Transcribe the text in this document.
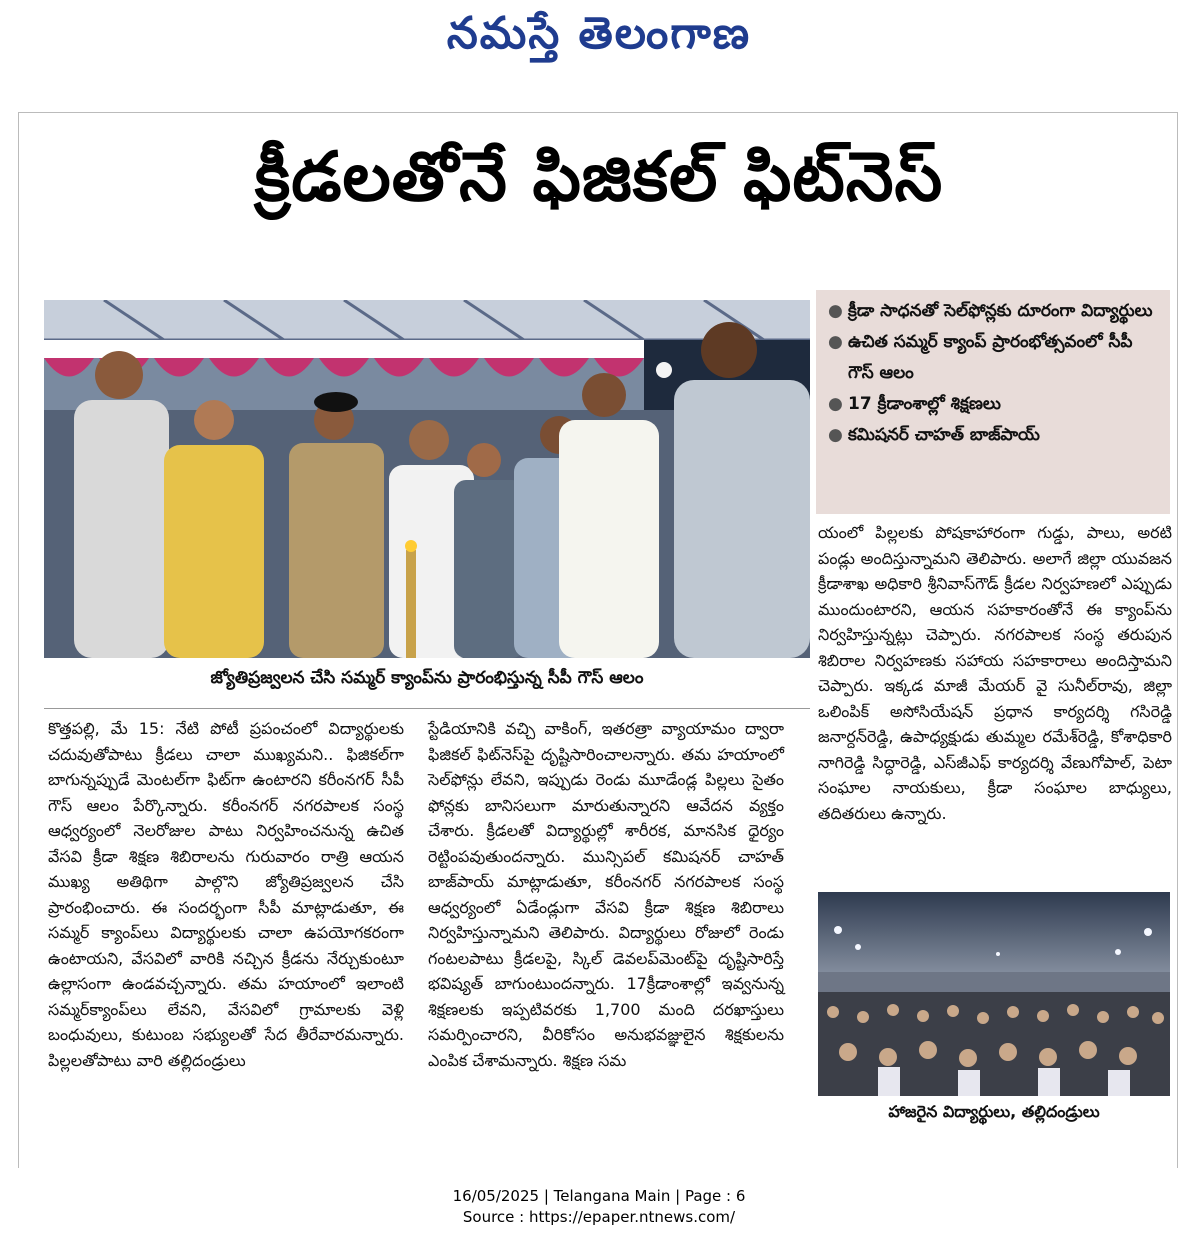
నమస్తే తెలంగాణ
క్రీడలతోనే ఫిజికల్ ఫిట్‌నెస్
జ్యోతిప్రజ్వలన చేసి సమ్మర్ క్యాంప్‌ను ప్రారంభిస్తున్న సీపీ గౌస్ ఆలం
● క్రీడా సాధనతో సెల్‌ఫోన్లకు దూరంగా విద్యార్థులు
● ఉచిత సమ్మర్ క్యాంప్ ప్రారంభోత్సవంలో సీపీ గౌస్ ఆలం
● 17 క్రీడాంశాల్లో శిక్షణలు
● కమిషనర్ చాహత్ బాజ్‌పాయ్

కొత్తపల్లి, మే 15: నేటి పోటీ ప్రపంచంలో విద్యార్థులకు చదువుతోపాటు క్రీడలు చాలా ముఖ్యమని.. ఫిజికల్‌గా బాగున్నప్పుడే మెంటల్‌గా ఫిట్‌గా ఉంటారని కరీంనగర్ సీపీ గౌస్ ఆలం పేర్కొన్నారు. కరీంనగర్ నగరపాలక సంస్థ ఆధ్వర్యంలో నెలరోజుల పాటు నిర్వహించనున్న ఉచిత వేసవి క్రీడా శిక్షణ శిబిరాలను గురువారం రాత్రి ఆయన ముఖ్య అతిథిగా పాల్గొని జ్యోతిప్రజ్వలన చేసి ప్రారంభించారు. ఈ సందర్భంగా సీపీ మాట్లాడుతూ, ఈ సమ్మర్ క్యాంప్‌లు విద్యార్థులకు చాలా ఉపయోగకరంగా ఉంటాయని, వేసవిలో వారికి నచ్చిన క్రీడను నేర్చుకుంటూ ఉల్లాసంగా ఉండవచ్చన్నారు. తమ హయాంలో ఇలాంటి సమ్మర్‌క్యాంప్‌లు లేవని, వేసవిలో గ్రామాలకు వెళ్లి బంధువులు, కుటుంబ సభ్యులతో సేద తీరేవారమన్నారు. పిల్లలతోపాటు వారి తల్లిదండ్రులు

స్టేడియానికి వచ్చి వాకింగ్, ఇతరత్రా వ్యాయామం ద్వారా ఫిజికల్ ఫిట్‌నెస్‌పై దృష్టిసారించాలన్నారు. తమ హయాంలో సెల్‌ఫోన్లు లేవని, ఇప్పుడు రెండు మూడేండ్ల పిల్లలు సైతం ఫోన్లకు బానిసలుగా మారుతున్నారని ఆవేదన వ్యక్తం చేశారు. క్రీడలతో విద్యార్థుల్లో శారీరక, మానసిక ధైర్యం రెట్టింపవుతుందన్నారు. మున్సిపల్ కమిషనర్ చాహత్ బాజ్‌పాయ్ మాట్లాడుతూ, కరీంనగర్ నగరపాలక సంస్థ ఆధ్వర్యంలో ఏడేండ్లుగా వేసవి క్రీడా శిక్షణ శిబిరాలు నిర్వహిస్తున్నామని తెలిపారు. విద్యార్థులు రోజులో రెండు గంటలపాటు క్రీడలపై, స్కిల్ డెవలప్‌మెంట్‌పై దృష్టిసారిస్తే భవిష్యత్ బాగుంటుందన్నారు. 17క్రీడాంశాల్లో ఇవ్వనున్న శిక్షణలకు ఇప్పటివరకు 1,700 మంది దరఖాస్తులు సమర్పించారని, వీరికోసం అనుభవజ్ఞులైన శిక్షకులను ఎంపిక చేశామన్నారు. శిక్షణ సమ

యంలో పిల్లలకు పోషకాహారంగా గుడ్డు, పాలు, అరటి పండ్లు అందిస్తున్నామని తెలిపారు. అలాగే జిల్లా యువజన క్రీడాశాఖ అధికారి శ్రీనివాస్‌గౌడ్ క్రీడల నిర్వహణలో ఎప్పుడు ముందుంటారని, ఆయన సహకారంతోనే ఈ క్యాంప్‌ను నిర్వహిస్తున్నట్లు చెప్పారు. నగరపాలక సంస్థ తరుపున శిబిరాల నిర్వహణకు సహాయ సహకారాలు అందిస్తామని చెప్పారు. ఇక్కడ మాజీ మేయర్ వై సునీల్‌రావు, జిల్లా ఒలింపిక్ అసోసియేషన్ ప్రధాన కార్యదర్శి గసిరెడ్డి జనార్దన్‌రెడ్డి, ఉపాధ్యక్షుడు తుమ్మల రమేశ్‌రెడ్డి, కోశాధికారి నాగిరెడ్డి సిద్ధారెడ్డి, ఎస్‌జీఎఫ్ కార్యదర్శి వేణుగోపాల్, పెటా సంఘాల నాయకులు, క్రీడా సంఘాల బాధ్యులు, తదితరులు ఉన్నారు.

హాజరైన విద్యార్థులు, తల్లిదండ్రులు
16/05/2025 | Telangana Main | Page : 6
Source : https://epaper.ntnews.com/
